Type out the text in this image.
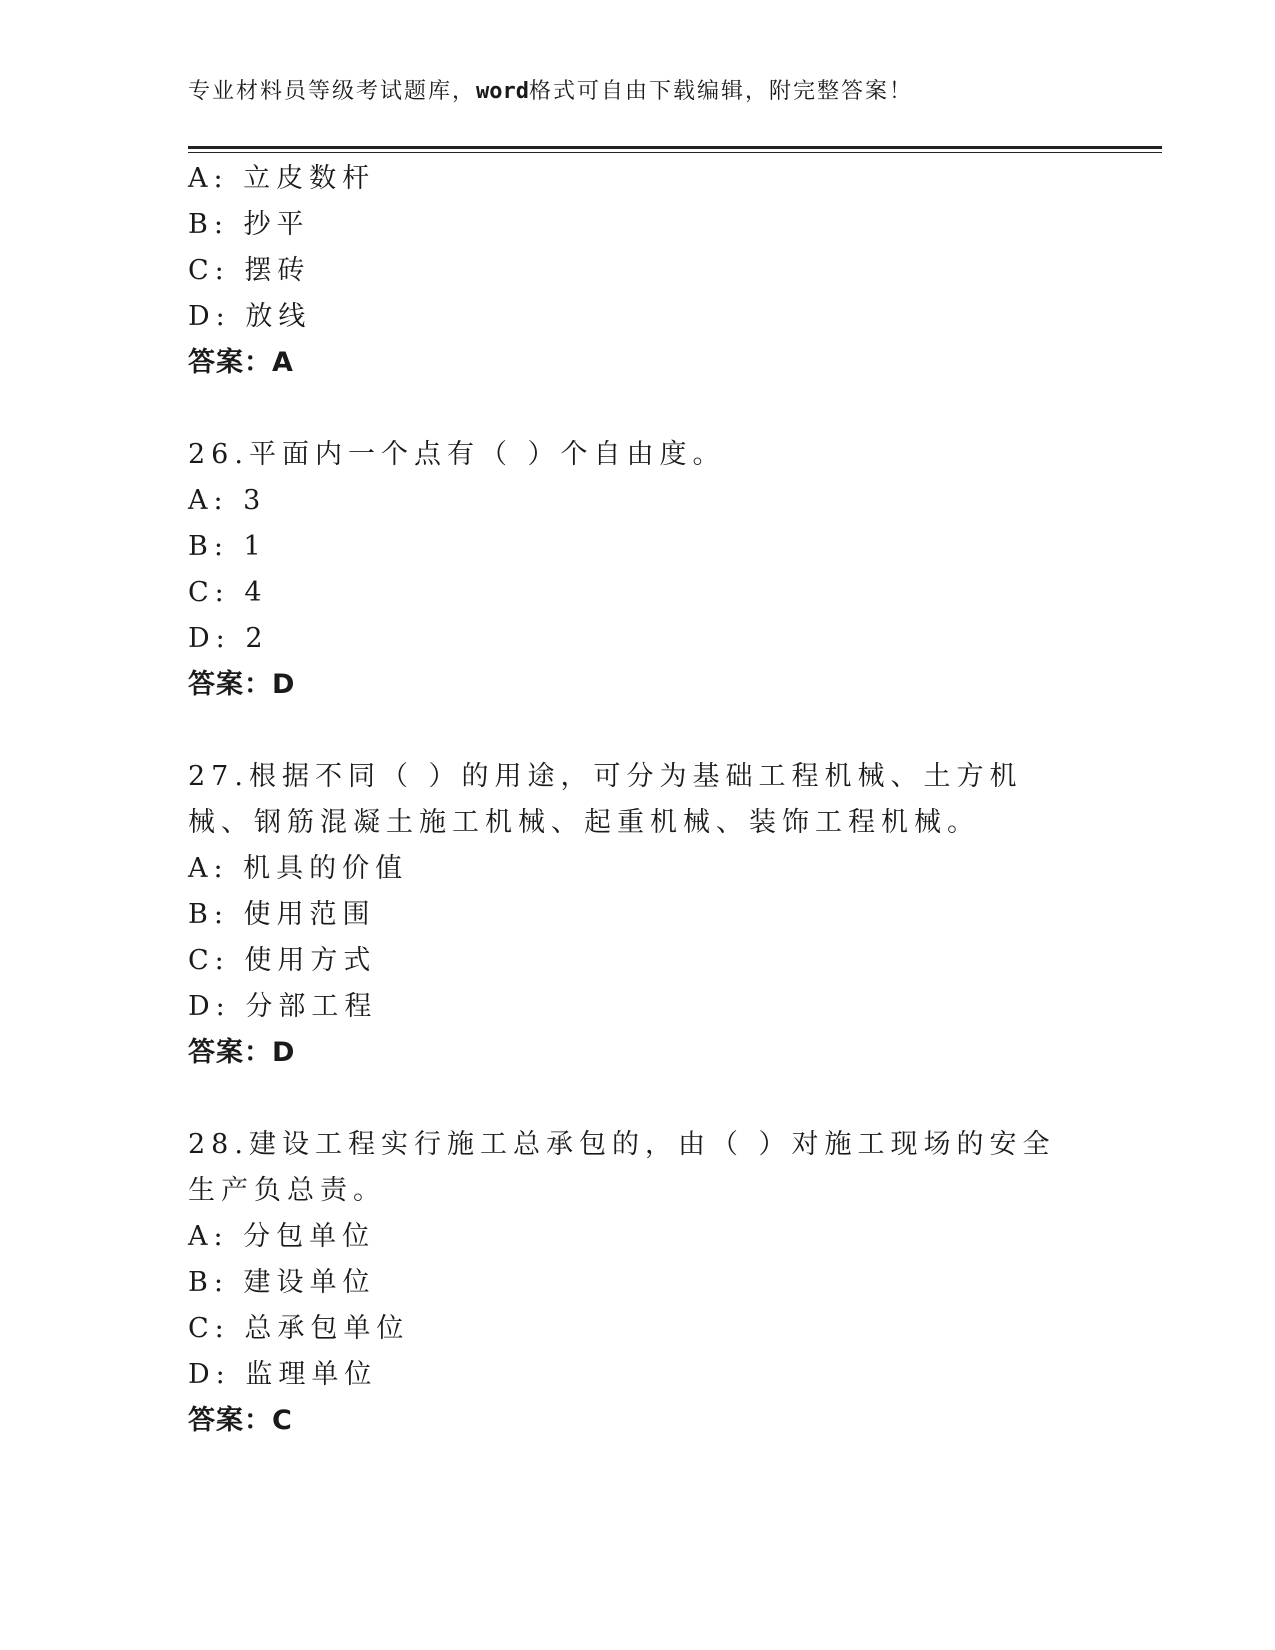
专业材料员等级考试题库，word格式可自由下载编辑，附完整答案！
A: 立皮数杆
B: 抄平
C: 摆砖
D: 放线
答案：A
26.平面内一个点有（ ）个自由度。
A: 3
B: 1
C: 4
D: 2
答案：D
27.根据不同（ ）的用途，可分为基础工程机械、土方机械、钢筋混凝土施工机械、起重机械、装饰工程机械。
A: 机具的价值
B: 使用范围
C: 使用方式
D: 分部工程
答案：D
28.建设工程实行施工总承包的，由（ ）对施工现场的安全生产负总责。
A: 分包单位
B: 建设单位
C: 总承包单位
D: 监理单位
答案：C
